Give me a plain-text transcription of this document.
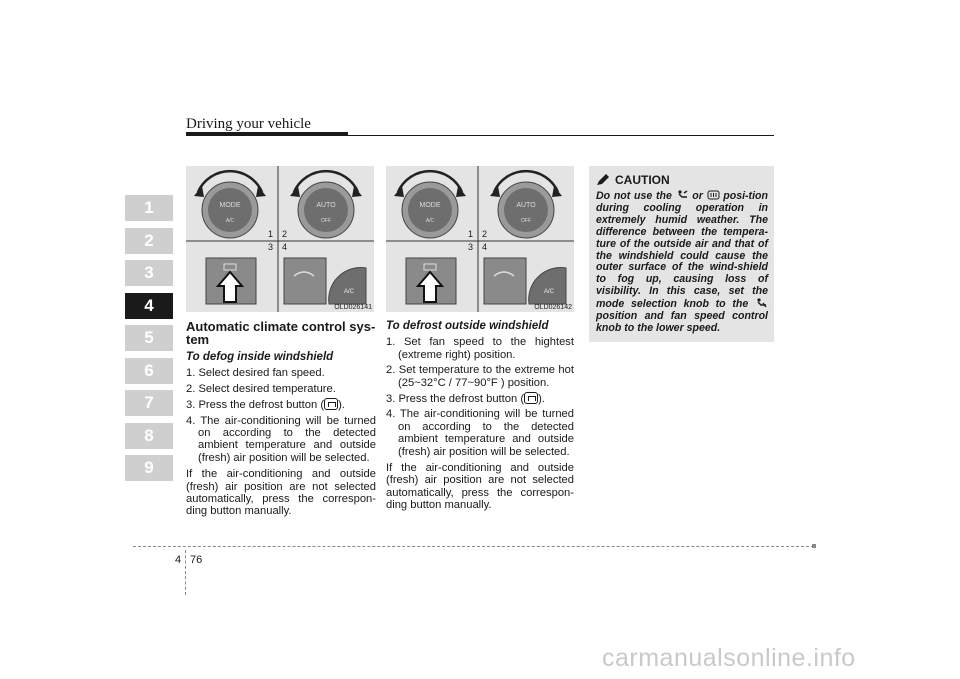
Driving your vehicle
1
2
3
4
5
6
7
8
9
MODE
A/C
AUTO
OFF
1 2
3 4
A/C
OLD026141
MODE
A/C
AUTO
OFF
1 2
3 4
A/C
OLD026142
Automatic climate control sys-tem
To defog inside windshield
1. Select desired fan speed.
2. Select desired temperature.
3. Press the defrost button ( ).
4. The air-conditioning will be turned on according to the detected ambient temperature and outside (fresh) air position will be selected.
If the air-conditioning and outside (fresh) air position are not selected automatically, press the correspon-ding button manually.
To defrost outside windshield
1. Set fan speed to the hightest (extreme right) position.
2. Set temperature to the extreme hot (25~32°C / 77~90°F ) position.
3. Press the defrost button ( ).
4. The air-conditioning will be turned on according to the detected ambient temperature and outside (fresh) air position will be selected.
If the air-conditioning and outside (fresh) air position are not selected automatically, press the correspon-ding button manually.
CAUTION
Do not use the or posi-tion during cooling operation in extremely humid weather. The difference between the tempera-ture of the outside air and that of the windshield could cause the outer surface of the wind-shield to fog up, causing loss of visibility. In this case, set the mode selection knob to the  position and fan speed control knob to the lower speed.
4 76
carmanualsonline.info
